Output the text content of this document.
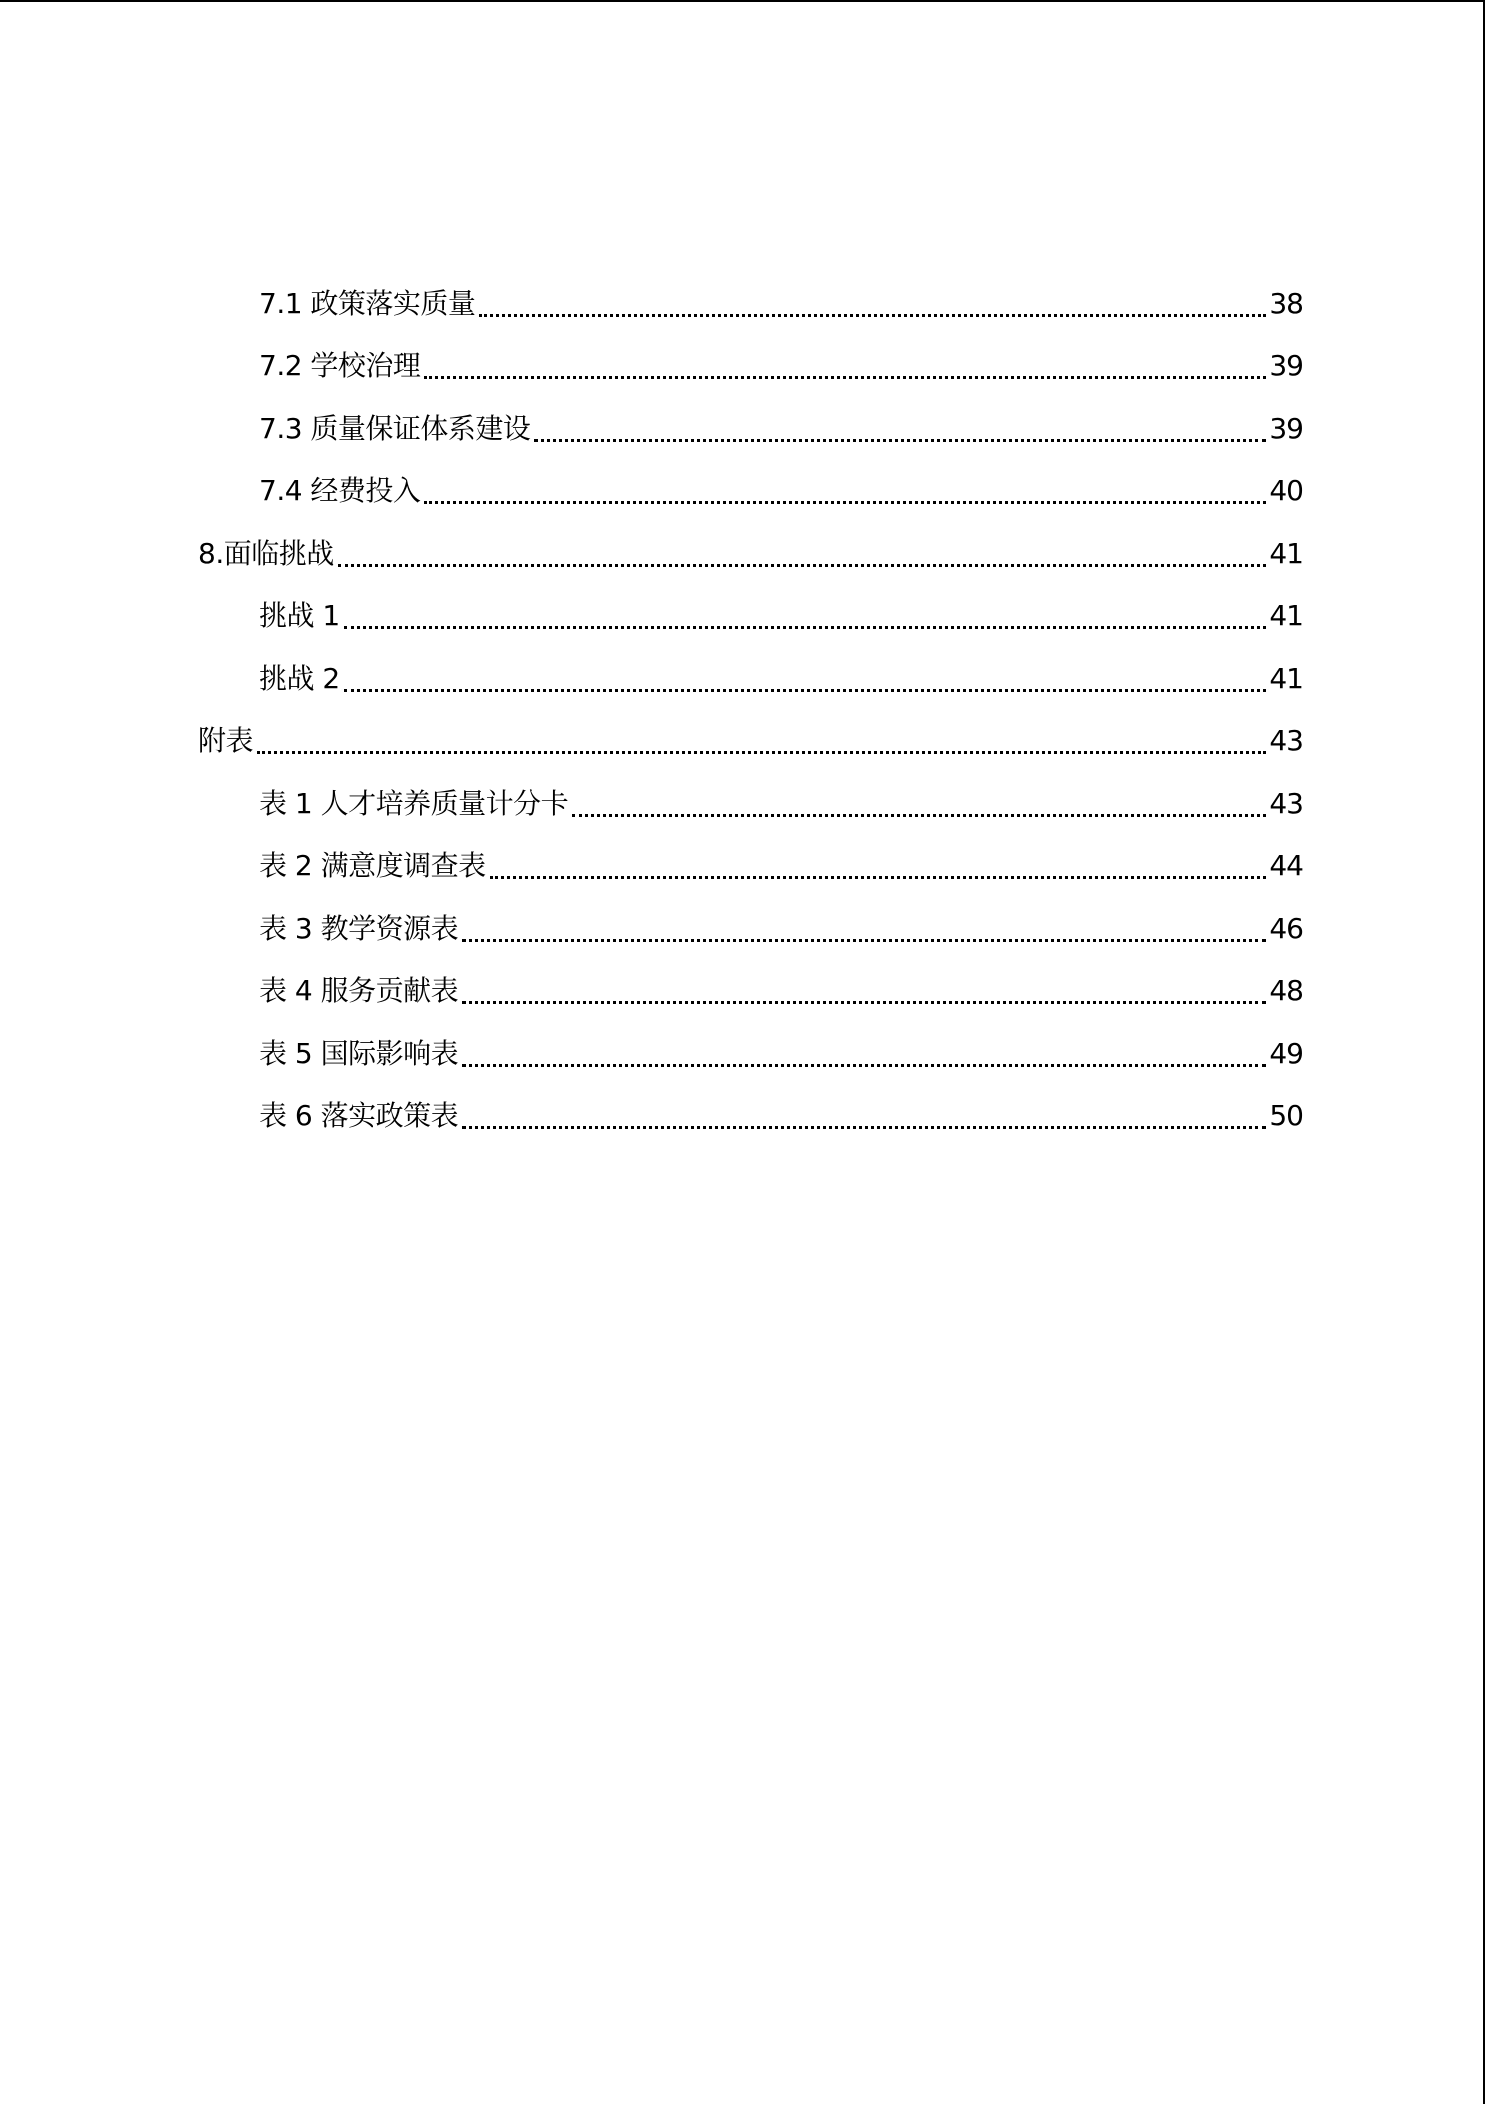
7.1 政策落实质量	38
7.2 学校治理	39
7.3 质量保证体系建设	39
7.4 经费投入	40
8.面临挑战	41
挑战 1	41
挑战 2	41
附表	43
表 1 人才培养质量计分卡	43
表 2 满意度调查表	44
表 3 教学资源表	46
表 4 服务贡献表	48
表 5 国际影响表	49
表 6 落实政策表	50
